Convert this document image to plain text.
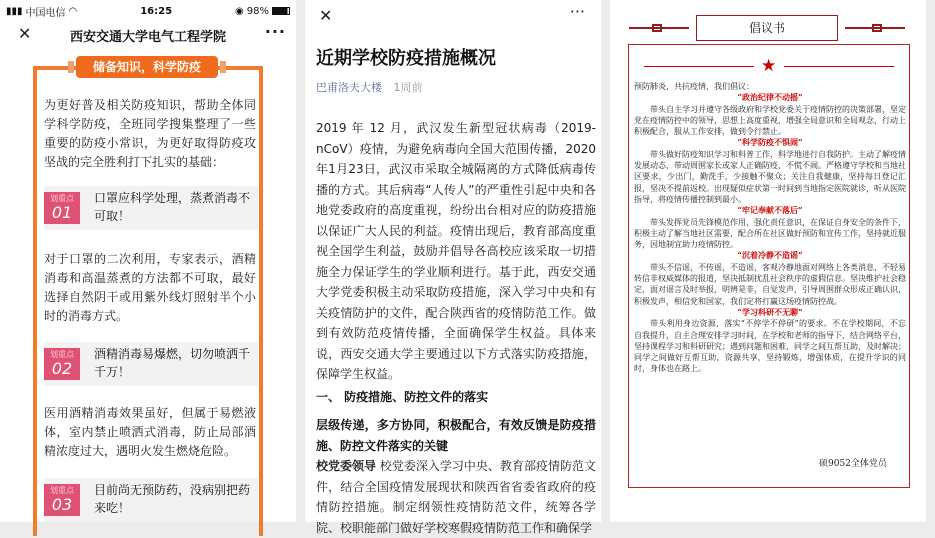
▮▮▮ 中国电信 ◠	16:25	◉ 98%
✕	西安交通大学电气工程学院	···
储备知识，科学防疫
为更好普及相关防疫知识，帮助全体同学科学防疫，全班同学搜集整理了一些重要的防疫小常识，为更好取得防疫攻坚战的完全胜利打下扎实的基础：
划重点
01
口罩应科学处理，蒸煮消毒不可取！
对于口罩的二次利用，专家表示，酒精消毒和高温蒸煮的方法都不可取，最好选择自然阴干或用紫外线灯照射半个小时的消毒方式。
划重点
02
酒精消毒易爆燃，切勿喷洒千千万！
医用酒精消毒效果虽好，但属于易燃液体，室内禁止喷洒式消毒，防止局部酒精浓度过大，遇明火发生燃烧危险。
划重点
03
目前尚无预防药，没病别把药来吃！
✕	···
近期学校防疫措施概况
巴甫洛夫大楼 1周前

2019 年 12 月，武汉发生新型冠状病毒（2019-nCoV）疫情，为避免病毒向全国大范围传播，2020年1月23日，武汉市采取全城隔离的方式降低病毒传播的方式。其后病毒“人传人”的严重性引起中央和各地党委政府的高度重视，纷纷出台相对应的防疫措施以保证广大人民的利益。疫情出现后，教育部高度重视全国学生利益，鼓励并倡导各高校应该采取一切措施全力保证学生的学业顺利进行。基于此，西安交通大学党委积极主动采取防疫措施，深入学习中央和有关疫情防护的文件，配合陕西省的疫情防范工作。做到有效防范疫情传播，全面确保学生权益。具体来说，西安交通大学主要通过以下方式落实防疫措施，保障学生权益。

一、 防疫措施、防控文件的落实

层级传递，多方协同，积极配合，有效反馈是防疫措施、防控文件落实的关键

校党委领导 校党委深入学习中央、教育部疫情防范文件，结合全国疫情发展现状和陕西省省委省政府的疫情防控措施。制定纲领性疫情防范文件，统筹各学院、校职能部门做好学校寒假疫情防范工作和确保学

倡议书
★

预防肺炎，共抗疫情，我们倡议：

“政治纪律不动摇”

带头自主学习并遵守各级政府和学校党委关于疫情防控的决策部署，坚定党在疫情防控中的领导，思想上高度重视，增强全局意识和全局观念，行动上积极配合，服从工作安排，做到令行禁止。

“科学防疫不惧闹”

带头做好防疫知识学习和科普工作，科学地进行自我防护。主动了解疫情发展动态，带动周围家长或家人正确防疫，不慌不闹。严格遵守学校和当地社区要求，少出门，勤洗手，少接触不聚众；关注自我健康，坚持每日登记汇报，坚决不提前返校。出现疑似症状第一时间到当地指定医院就诊，听从医院指导，将疫情传播控制到最小。

“牢记奉献不落后”

带头发挥党员先锋模范作用，强化责任意识，在保证自身安全的条件下，积极主动了解当地社区需要，配合所在社区做好预防和宣传工作，坚持就近服务，因地制宜助力疫情防控。

“沉着冷静不造谣”

带头不信谣，不传谣，不造谣，客观冷静地面对网络上各类消息，不轻易转信非权威媒体的报道，坚决抵制扰乱社会秩序的虚假信息。坚决维护社会稳定，面对谣言及时举报，明辨是非，自觉发声，引导周围群众形成正确认识，积极发声，相信党和国家，我们定将打赢这场疫情防控战。

“学习科研不无聊”

带头利用身边资源，落实“不停学不停研”的要求。不在学校期间，不忘自我提升，自主合理安排学习时间，在学校和老师的指导下，结合网络平台，坚持课程学习和科研研究；遇到问题和困难，同学之间互帮互助，及时解决；同学之间做好互帮互助，资源共享，坚持锻炼，增强体质，在提升学识的同时，身体也在路上。

硕9052全体党员
